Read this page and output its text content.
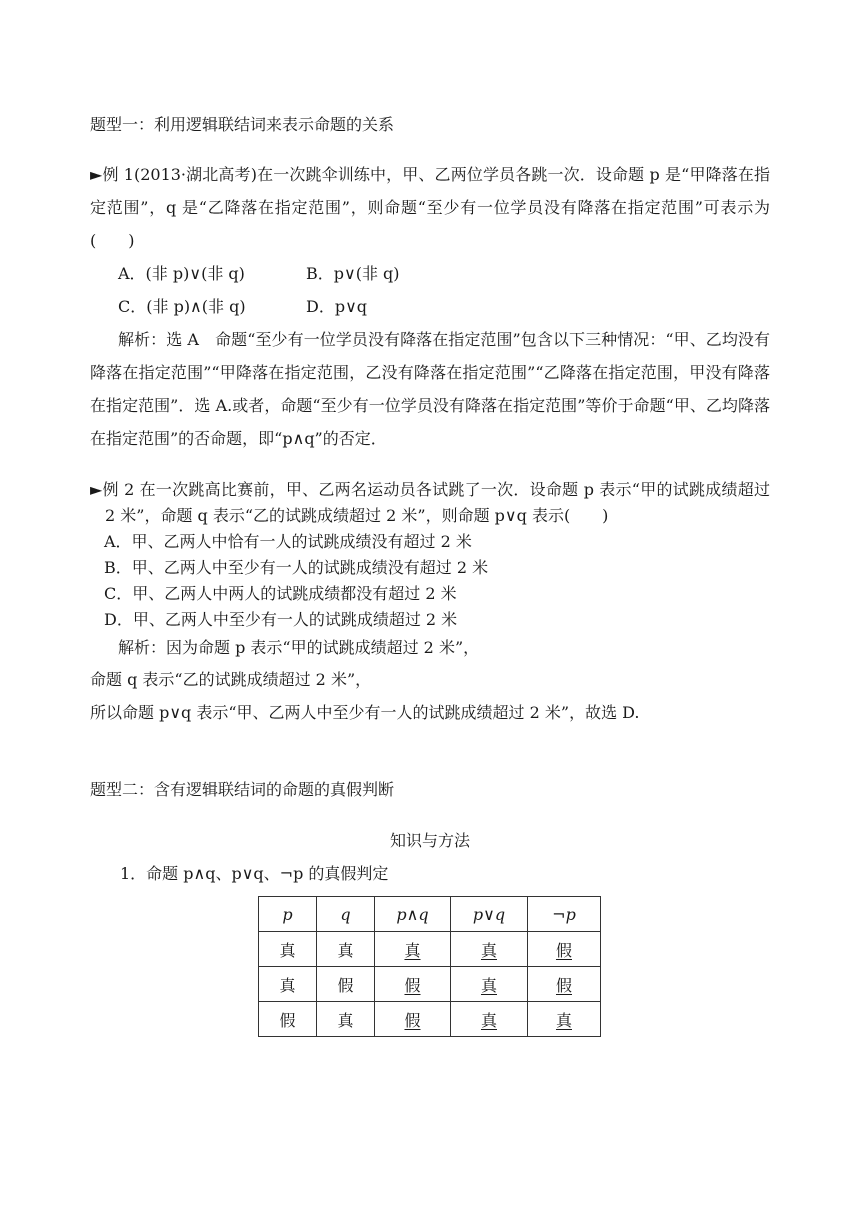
题型一：利用逻辑联结词来表示命题的关系
►例 1(2013·湖北高考)在一次跳伞训练中，甲、乙两位学员各跳一次．设命题 p 是“甲降落在指定范围”，q 是“乙降落在指定范围”，则命题“至少有一位学员没有降落在指定范围”可表示为(　　)
A．(非 p)∨(非 q)	B．p∨(非 q)
C．(非 p)∧(非 q)	D．p∨q
解析：选 A　命题“至少有一位学员没有降落在指定范围”包含以下三种情况：“甲、乙均没有降落在指定范围”“甲降落在指定范围，乙没有降落在指定范围”“乙降落在指定范围，甲没有降落在指定范围”．选 A.或者，命题“至少有一位学员没有降落在指定范围”等价于命题“甲、乙均降落在指定范围”的否命题，即“p∧q”的否定．
►例 2 在一次跳高比赛前，甲、乙两名运动员各试跳了一次．设命题 p 表示“甲的试跳成绩超过 2 米”，命题 q 表示“乙的试跳成绩超过 2 米”，则命题 p∨q 表示(　　)
A．甲、乙两人中恰有一人的试跳成绩没有超过 2 米
B．甲、乙两人中至少有一人的试跳成绩没有超过 2 米
C．甲、乙两人中两人的试跳成绩都没有超过 2 米
D．甲、乙两人中至少有一人的试跳成绩超过 2 米
解析：因为命题 p 表示“甲的试跳成绩超过 2 米”，
命题 q 表示“乙的试跳成绩超过 2 米”，
所以命题 p∨q 表示“甲、乙两人中至少有一人的试跳成绩超过 2 米”，故选 D.
题型二：含有逻辑联结词的命题的真假判断
知识与方法
1．命题 p∧q、p∨q、¬p 的真假判定
p	q	p∧q	p∨q	¬p
真	真	真	真	假
真	假	假	真	假
假	真	假	真	真
